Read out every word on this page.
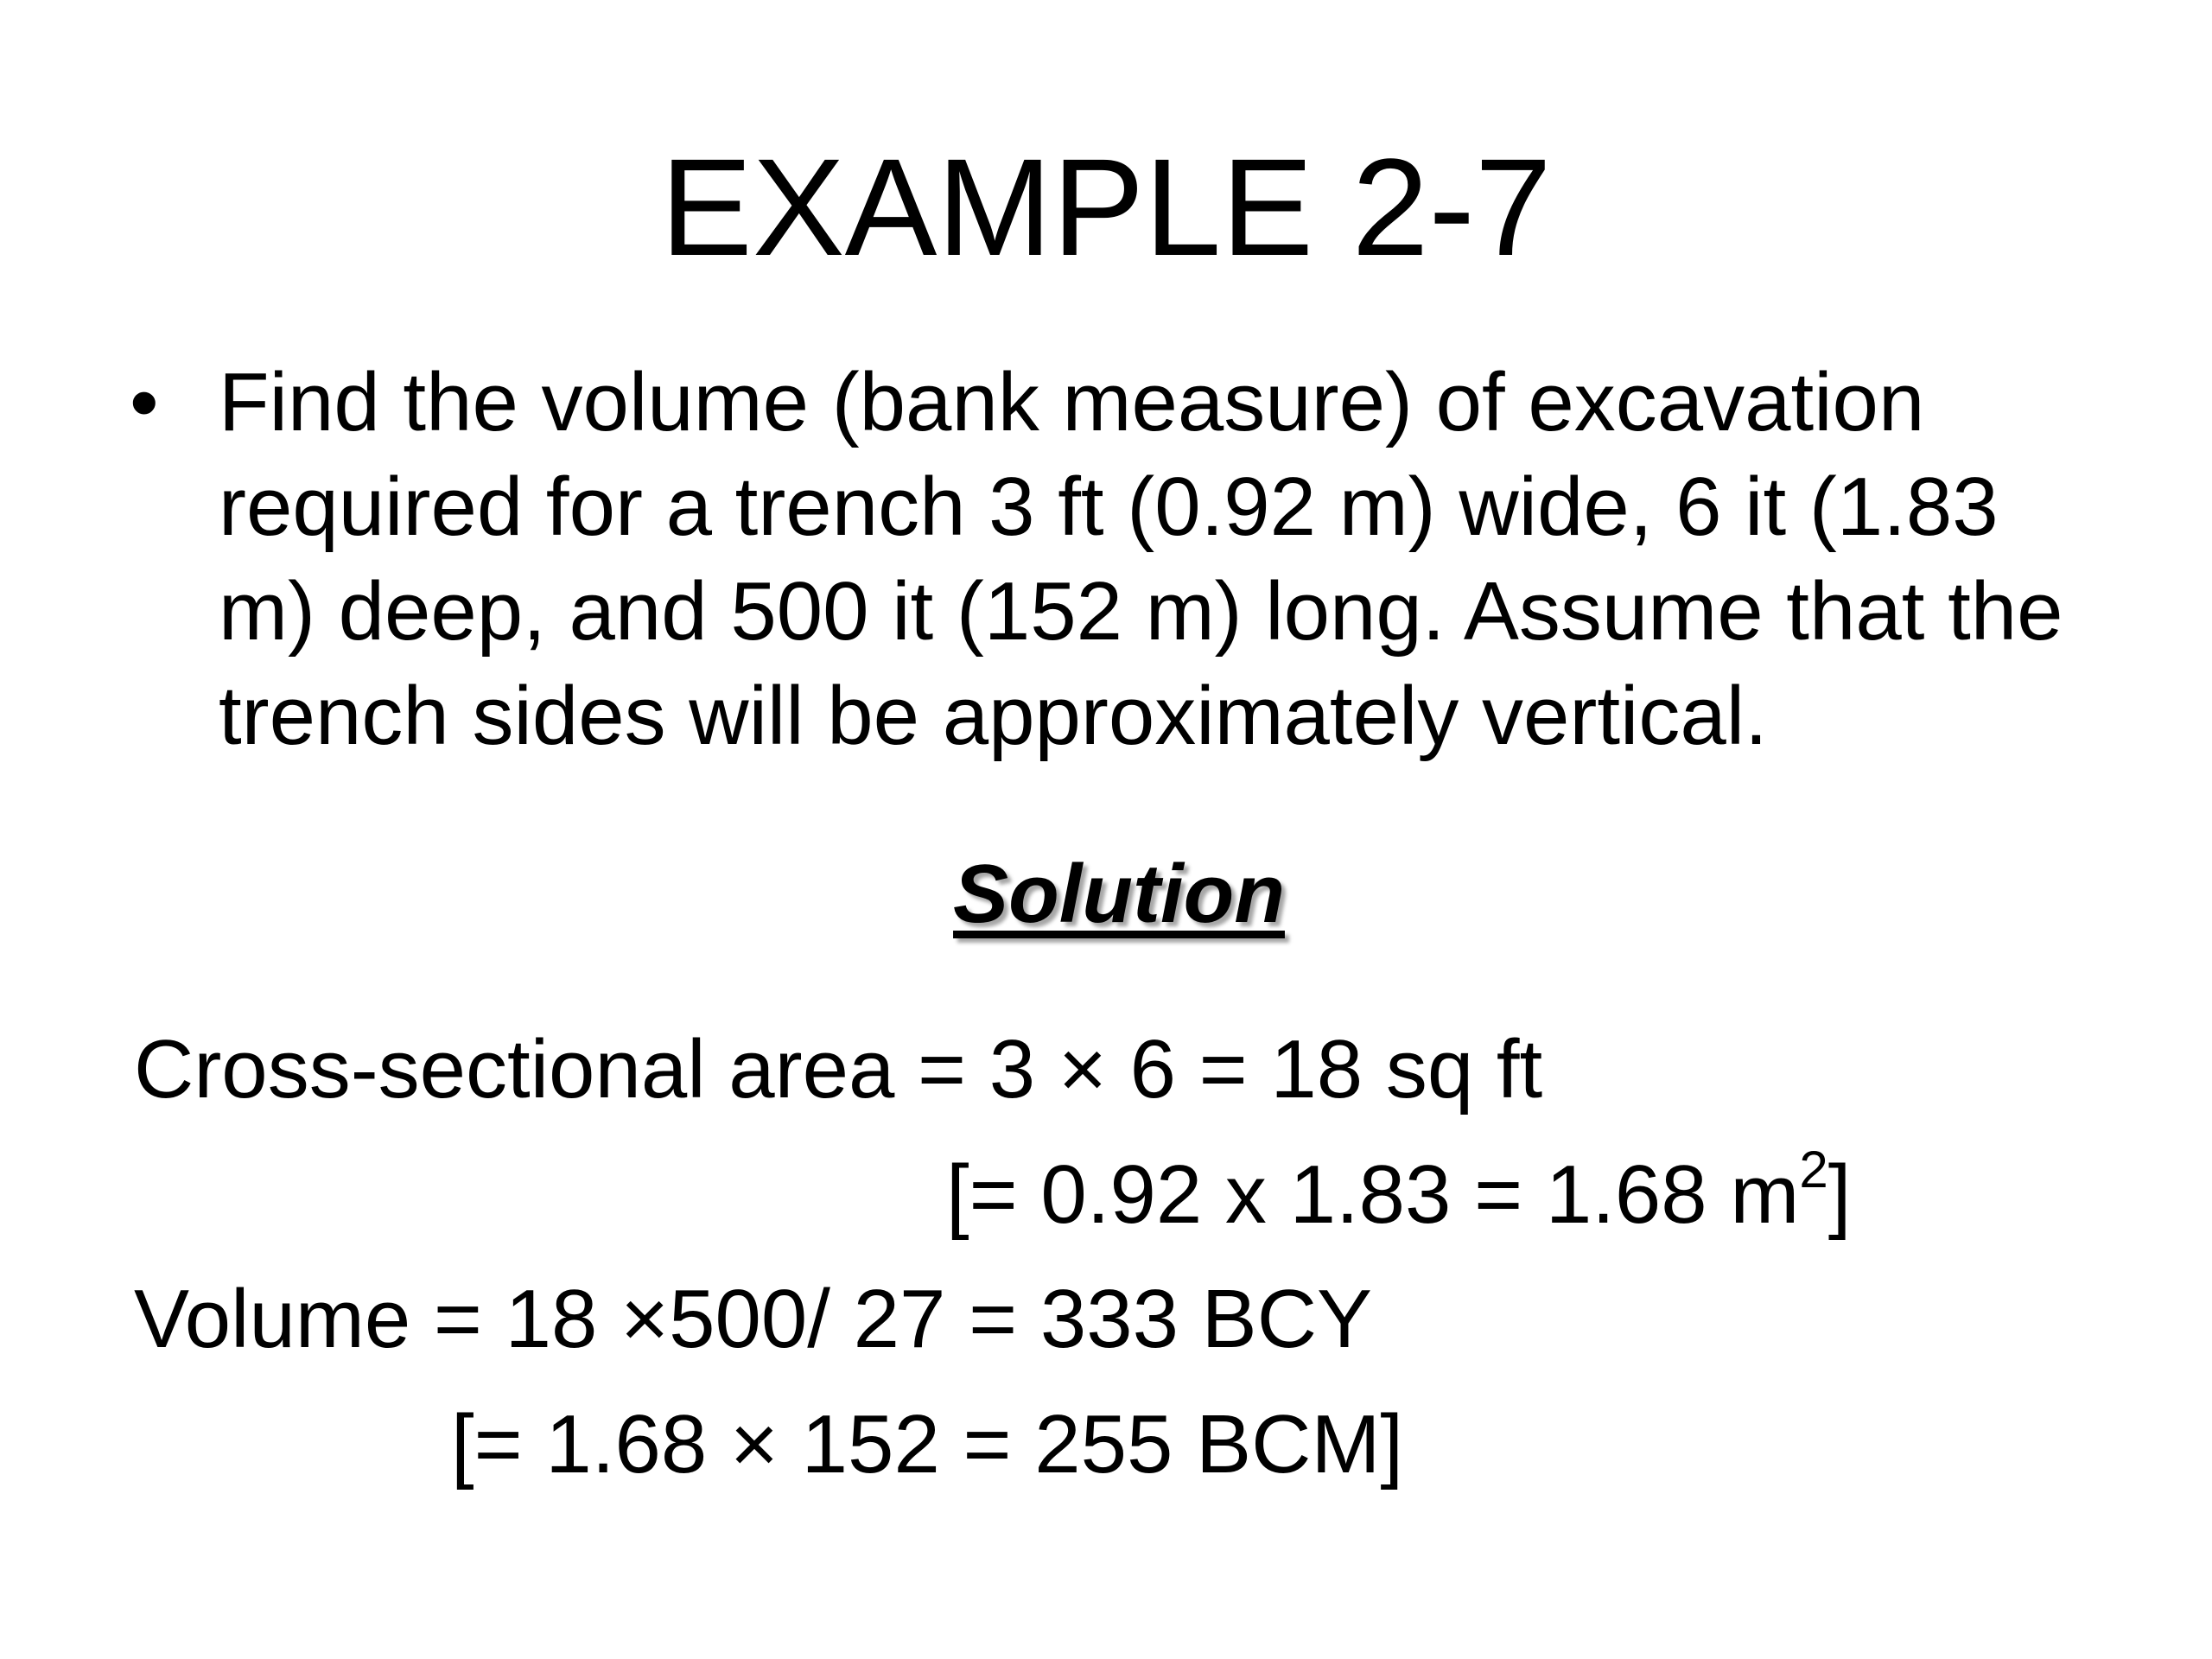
EXAMPLE 2-7
• Find the volume (bank measure) of excavation required for a trench 3 ft (0.92 m) wide, 6 it (1.83 m) deep, and 500 it (152 m) long. Assume that the trench sides will be approximately vertical.
Solution
Cross-sectional area = 3 × 6 = 18 sq ft
[= 0.92 x 1.83 = 1.68 $m^2$]
Volume = 18 ×500/ 27 = 333 BCY
[= 1.68 × 152 = 255 BCM]
